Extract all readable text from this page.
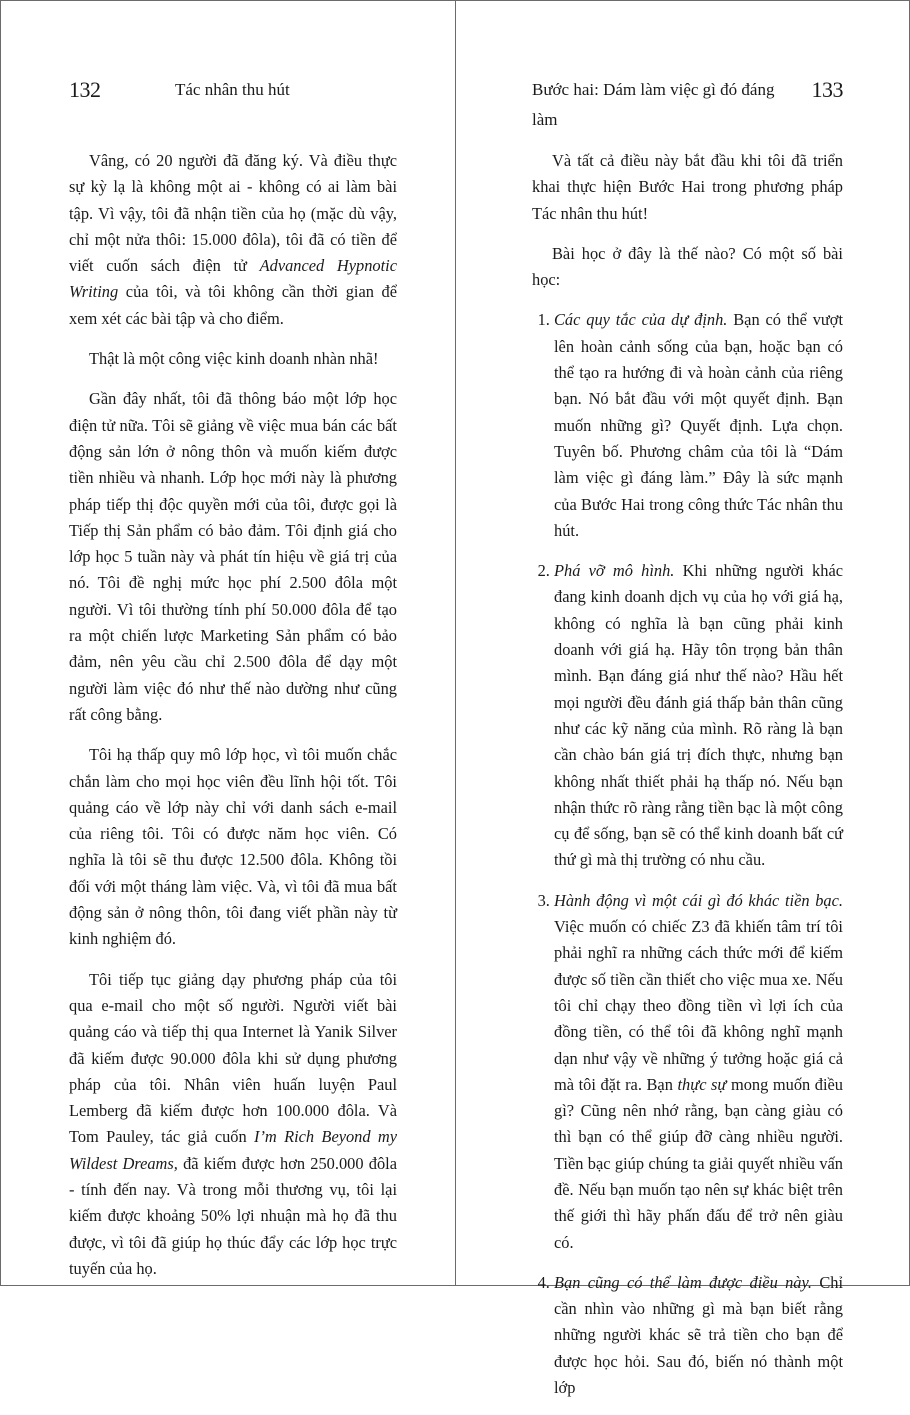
132	Tác nhân thu hút

Vâng, có 20 người đã đăng ký. Và điều thực sự kỳ lạ là không một ai - không có ai làm bài tập. Vì vậy, tôi đã nhận tiền của họ (mặc dù vậy, chỉ một nửa thôi: 15.000 đôla), tôi đã có tiền để viết cuốn sách điện tử Advanced Hypnotic Writing của tôi, và tôi không cần thời gian để xem xét các bài tập và cho điểm.

Thật là một công việc kinh doanh nhàn nhã!

Gần đây nhất, tôi đã thông báo một lớp học điện tử nữa. Tôi sẽ giảng về việc mua bán các bất động sản lớn ở nông thôn và muốn kiếm được tiền nhiều và nhanh. Lớp học mới này là phương pháp tiếp thị độc quyền mới của tôi, được gọi là Tiếp thị Sản phẩm có bảo đảm. Tôi định giá cho lớp học 5 tuần này và phát tín hiệu về giá trị của nó. Tôi đề nghị mức học phí 2.500 đôla một người. Vì tôi thường tính phí 50.000 đôla để tạo ra một chiến lược Marketing Sản phẩm có bảo đảm, nên yêu cầu chỉ 2.500 đôla để dạy một người làm việc đó như thế nào dường như cũng rất công bằng.

Tôi hạ thấp quy mô lớp học, vì tôi muốn chắc chắn làm cho mọi học viên đều lĩnh hội tốt. Tôi quảng cáo về lớp này chỉ với danh sách e-mail của riêng tôi. Tôi có được năm học viên. Có nghĩa là tôi sẽ thu được 12.500 đôla. Không tồi đối với một tháng làm việc. Và, vì tôi đã mua bất động sản ở nông thôn, tôi đang viết phần này từ kinh nghiệm đó.

Tôi tiếp tục giảng dạy phương pháp của tôi qua e-mail cho một số người. Người viết bài quảng cáo và tiếp thị qua Internet là Yanik Silver đã kiếm được 90.000 đôla khi sử dụng phương pháp của tôi. Nhân viên huấn luyện Paul Lemberg đã kiếm được hơn 100.000 đôla. Và Tom Pauley, tác giả cuốn I’m Rich Beyond my Wildest Dreams, đã kiếm được hơn 250.000 đôla - tính đến nay. Và trong mỗi thương vụ, tôi lại kiếm được khoảng 50% lợi nhuận mà họ đã thu được, vì tôi đã giúp họ thúc đẩy các lớp học trực tuyến của họ.

Bước hai: Dám làm việc gì đó đáng làm
133

Và tất cả điều này bắt đầu khi tôi đã triển khai thực hiện Bước Hai trong phương pháp Tác nhân thu hút!

Bài học ở đây là thế nào? Có một số bài học:

1. Các quy tắc của dự định. Bạn có thể vượt lên hoàn cảnh sống của bạn, hoặc bạn có thể tạo ra hướng đi và hoàn cảnh của riêng bạn. Nó bắt đầu với một quyết định. Bạn muốn những gì? Quyết định. Lựa chọn. Tuyên bố. Phương châm của tôi là “Dám làm việc gì đáng làm.” Đây là sức mạnh của Bước Hai trong công thức Tác nhân thu hút.
2. Phá vỡ mô hình. Khi những người khác đang kinh doanh dịch vụ của họ với giá hạ, không có nghĩa là bạn cũng phải kinh doanh với giá hạ. Hãy tôn trọng bản thân mình. Bạn đáng giá như thế nào? Hầu hết mọi người đều đánh giá thấp bản thân cũng như các kỹ năng của mình. Rõ ràng là bạn cần chào bán giá trị đích thực, nhưng bạn không nhất thiết phải hạ thấp nó. Nếu bạn nhận thức rõ ràng rằng tiền bạc là một công cụ để sống, bạn sẽ có thể kinh doanh bất cứ thứ gì mà thị trường có nhu cầu.
3. Hành động vì một cái gì đó khác tiền bạc. Việc muốn có chiếc Z3 đã khiến tâm trí tôi phải nghĩ ra những cách thức mới để kiếm được số tiền cần thiết cho việc mua xe. Nếu tôi chỉ chạy theo đồng tiền vì lợi ích của đồng tiền, có thể tôi đã không nghĩ mạnh dạn như vậy về những ý tưởng hoặc giá cả mà tôi đặt ra. Bạn thực sự mong muốn điều gì? Cũng nên nhớ rằng, bạn càng giàu có thì bạn có thể giúp đỡ càng nhiều người. Tiền bạc giúp chúng ta giải quyết nhiều vấn đề. Nếu bạn muốn tạo nên sự khác biệt trên thế giới thì hãy phấn đấu để trở nên giàu có.
4. Bạn cũng có thể làm được điều này. Chỉ cần nhìn vào những gì mà bạn biết rằng những người khác sẽ trả tiền cho bạn để được học hỏi. Sau đó, biến nó thành một lớp
